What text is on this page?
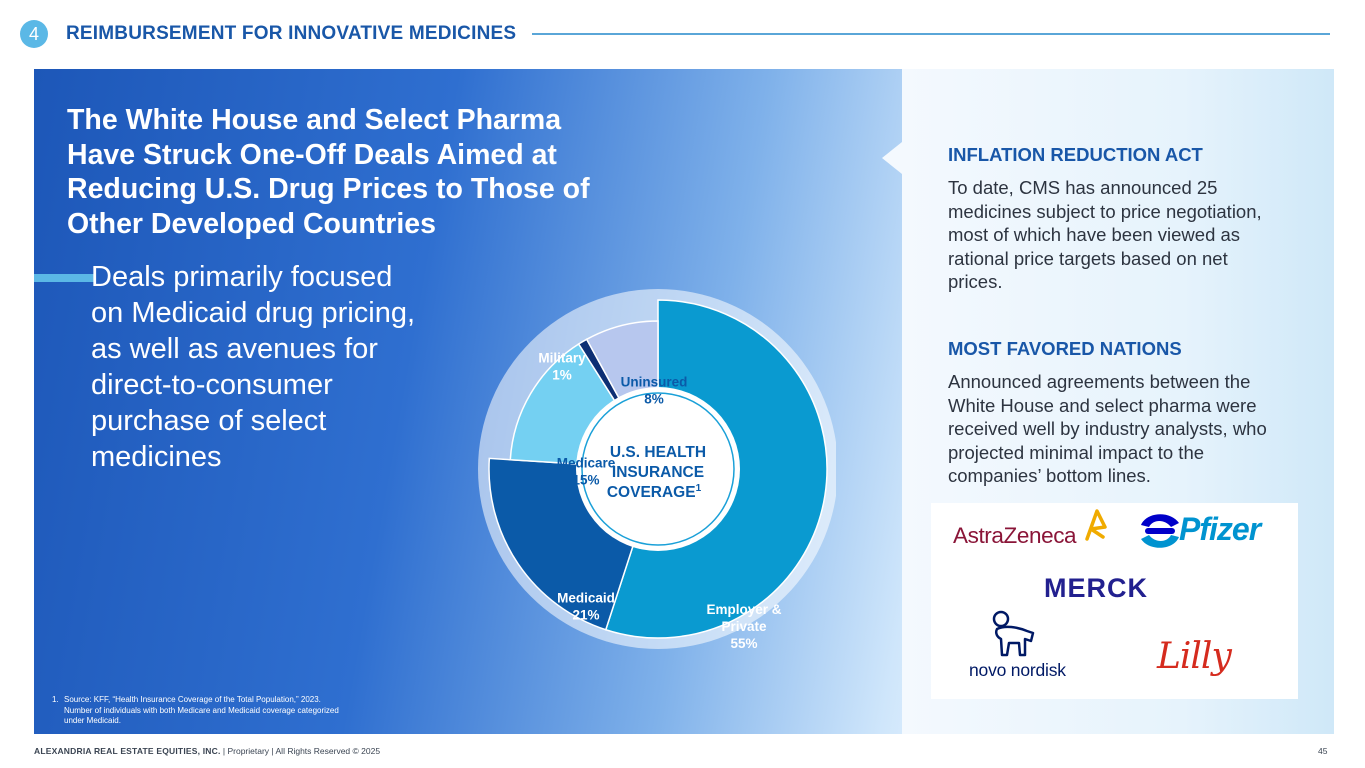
4	REIMBURSEMENT FOR INNOVATIVE MEDICINES
The White House and Select Pharma Have Struck One-Off Deals Aimed at Reducing U.S. Drug Prices to Those of Other Developed Countries

Deals primarily focused on Medicaid drug pricing, as well as avenues for direct-to-consumer purchase of select medicines	U.S. HEALTH
INSURANCE
COVERAGE$^1$
Employer &
Private
55%
Medicaid
21%
Medicare
15%
Military
1%	Uninsured
8%
INFLATION REDUCTION ACT

To date, CMS has announced 25 medicines subject to price negotiation, most of which have been viewed as rational price targets based on net prices.

MOST FAVORED NATIONS

Announced agreements between the White House and select pharma were received well by industry analysts, who projected minimal impact to the companies’ bottom lines.

AstraZeneca	Pfizer
MERCK
novo nordisk	Lilly
1. Source: KFF, “Health Insurance Coverage of the Total Population,” 2023. Number of individuals with both Medicare and Medicaid coverage categorized under Medicaid.
ALEXANDRIA REAL ESTATE EQUITIES, INC. | Proprietary | All Rights Reserved © 2025	45
